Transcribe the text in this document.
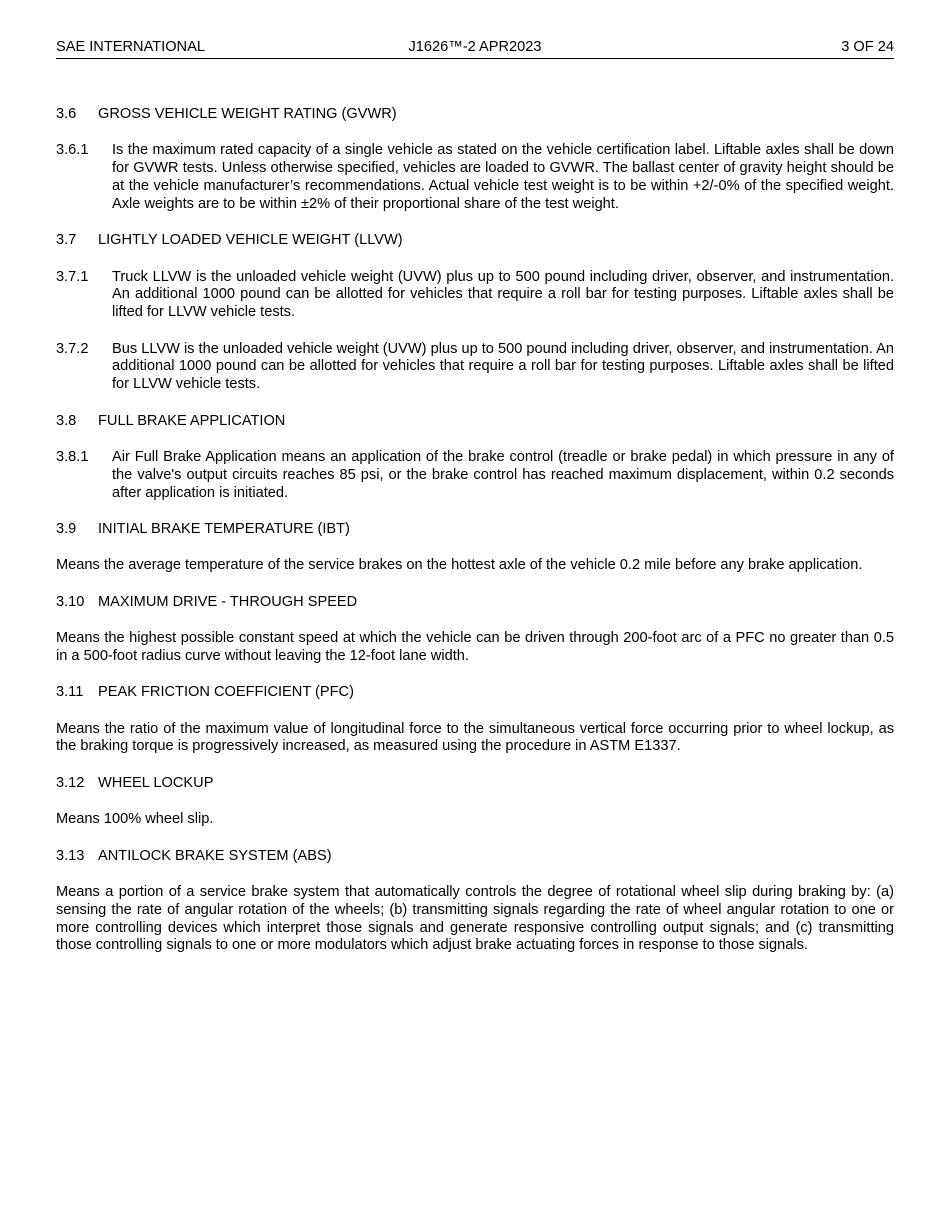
J1626™-2 APR2023
SAE INTERNATIONAL	3 OF 24
3.6 GROSS VEHICLE WEIGHT RATING (GVWR)
3.6.1 Is the maximum rated capacity of a single vehicle as stated on the vehicle certification label. Liftable axles shall be down for GVWR tests. Unless otherwise specified, vehicles are loaded to GVWR. The ballast center of gravity height should be at the vehicle manufacturer’s recommendations. Actual vehicle test weight is to be within +2/-0% of the specified weight. Axle weights are to be within ±2% of their proportional share of the test weight.
3.7 LIGHTLY LOADED VEHICLE WEIGHT (LLVW)
3.7.1 Truck LLVW is the unloaded vehicle weight (UVW) plus up to 500 pound including driver, observer, and instrumentation. An additional 1000 pound can be allotted for vehicles that require a roll bar for testing purposes. Liftable axles shall be lifted for LLVW vehicle tests.
3.7.2 Bus LLVW is the unloaded vehicle weight (UVW) plus up to 500 pound including driver, observer, and instrumentation. An additional 1000 pound can be allotted for vehicles that require a roll bar for testing purposes. Liftable axles shall be lifted for LLVW vehicle tests.
3.8 FULL BRAKE APPLICATION
3.8.1 Air Full Brake Application means an application of the brake control (treadle or brake pedal) in which pressure in any of the valve's output circuits reaches 85 psi, or the brake control has reached maximum displacement, within 0.2 seconds after application is initiated.
3.9 INITIAL BRAKE TEMPERATURE (IBT)
Means the average temperature of the service brakes on the hottest axle of the vehicle 0.2 mile before any brake application.
3.10 MAXIMUM DRIVE - THROUGH SPEED
Means the highest possible constant speed at which the vehicle can be driven through 200-foot arc of a PFC no greater than 0.5 in a 500-foot radius curve without leaving the 12-foot lane width.
3.11 PEAK FRICTION COEFFICIENT (PFC)
Means the ratio of the maximum value of longitudinal force to the simultaneous vertical force occurring prior to wheel lockup, as the braking torque is progressively increased, as measured using the procedure in ASTM E1337.
3.12 WHEEL LOCKUP
Means 100% wheel slip.
3.13 ANTILOCK BRAKE SYSTEM (ABS)
Means a portion of a service brake system that automatically controls the degree of rotational wheel slip during braking by: (a) sensing the rate of angular rotation of the wheels; (b) transmitting signals regarding the rate of wheel angular rotation to one or more controlling devices which interpret those signals and generate responsive controlling output signals; and (c) transmitting those controlling signals to one or more modulators which adjust brake actuating forces in response to those signals.
